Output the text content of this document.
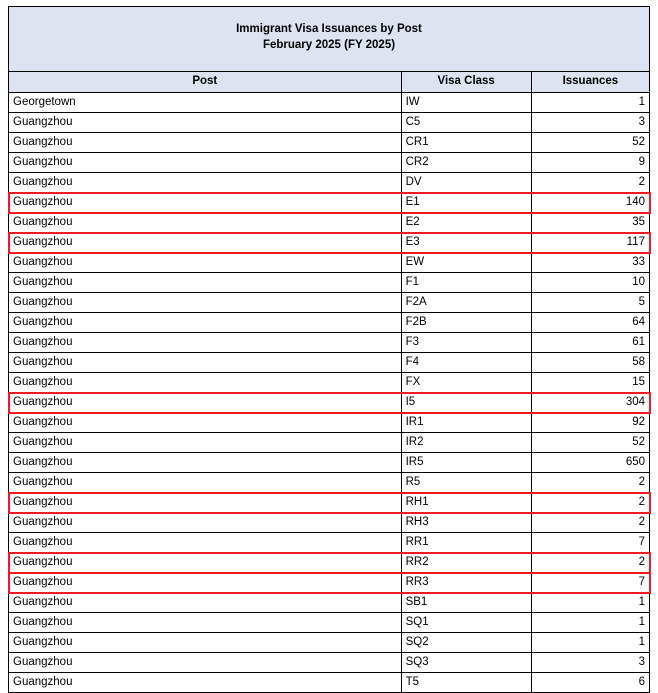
Immigrant Visa Issuances by Post
February 2025 (FY 2025)		

Post	Visa Class	Issuances
Georgetown	IW	1
Guangzhou	C5	3
Guangzhou	CR1	52
Guangzhou	CR2	9
Guangzhou	DV	2
Guangzhou	E1	140
Guangzhou	E2	35
Guangzhou	E3	117
Guangzhou	EW	33
Guangzhou	F1	10
Guangzhou	F2A	5
Guangzhou	F2B	64
Guangzhou	F3	61
Guangzhou	F4	58
Guangzhou	FX	15
Guangzhou	I5	304
Guangzhou	IR1	92
Guangzhou	IR2	52
Guangzhou	IR5	650
Guangzhou	R5	2
Guangzhou	RH1	2
Guangzhou	RH3	2
Guangzhou	RR1	7
Guangzhou	RR2	2
Guangzhou	RR3	7
Guangzhou	SB1	1
Guangzhou	SQ1	1
Guangzhou	SQ2	1
Guangzhou	SQ3	3
Guangzhou	T5	6
